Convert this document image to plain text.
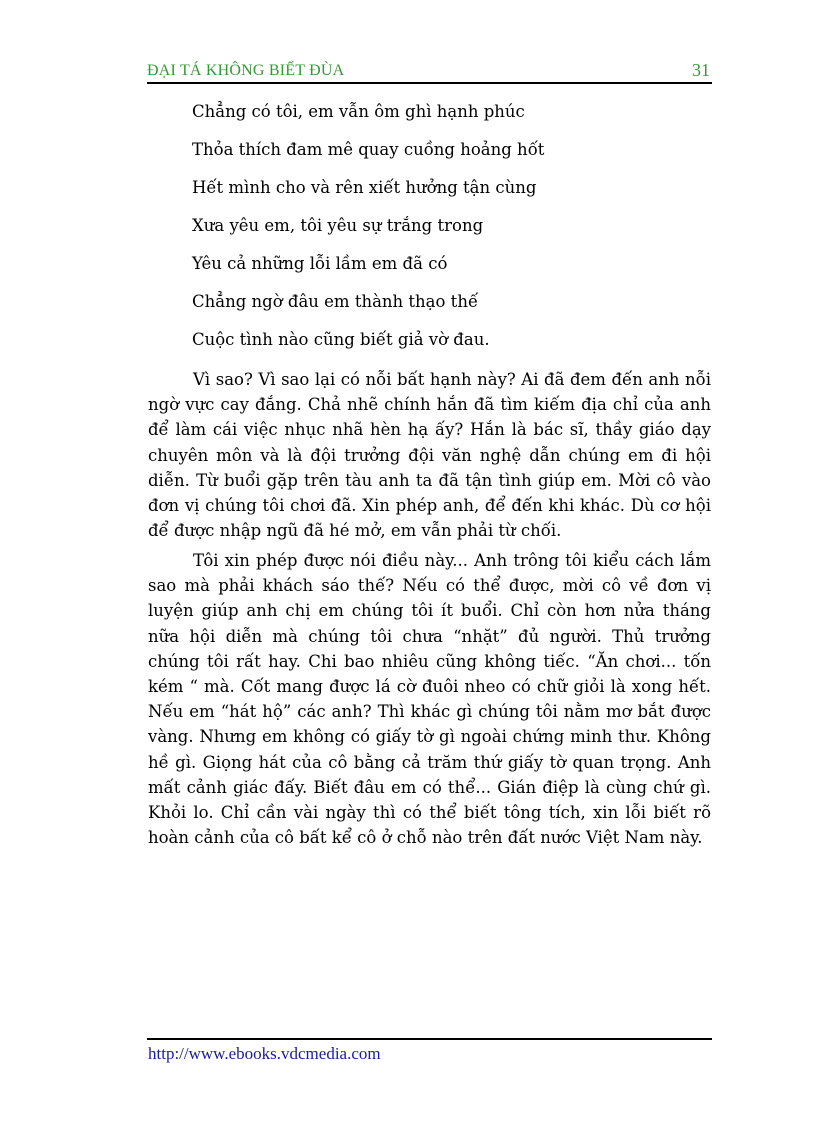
ĐẠI TÁ KHÔNG BIẾT ĐÙA	31
Chẳng có tôi, em vẫn ôm ghì hạnh phúc
Thỏa thích đam mê quay cuồng hoảng hốt
Hết mình cho và rên xiết hưởng tận cùng
Xưa yêu em, tôi yêu sự trắng trong
Yêu cả những lỗi lầm em đã có
Chẳng ngờ đâu em thành thạo thế
Cuộc tình nào cũng biết giả vờ đau.

Vì sao? Vì sao lại có nỗi bất hạnh này? Ai đã đem đến anh nỗi ngờ vực cay đắng. Chả nhẽ chính hắn đã tìm kiếm địa chỉ của anh để làm cái việc nhục nhã hèn hạ ấy? Hắn là bác sĩ, thầy giáo dạy chuyên môn và là đội trưởng đội văn nghệ dẫn chúng em đi hội diễn. Từ buổi gặp trên tàu anh ta đã tận tình giúp em. Mời cô vào đơn vị chúng tôi chơi đã. Xin phép anh, để đến khi khác. Dù cơ hội để được nhập ngũ đã hé mở, em vẫn phải từ chối.

Tôi xin phép được nói điều này... Anh trông tôi kiểu cách lắm sao mà phải khách sáo thế? Nếu có thể được, mời cô về đơn vị luyện giúp anh chị em chúng tôi ít buổi. Chỉ còn hơn nửa tháng nữa hội diễn mà chúng tôi chưa “nhặt” đủ người. Thủ trưởng chúng tôi rất hay. Chi bao nhiêu cũng không tiếc. “Ăn chơi... tốn kém “ mà. Cốt mang được lá cờ đuôi nheo có chữ giỏi là xong hết. Nếu em “hát hộ” các anh? Thì khác gì chúng tôi nằm mơ bắt được vàng. Nhưng em không có giấy tờ gì ngoài chứng minh thư. Không hề gì. Giọng hát của cô bằng cả trăm thứ giấy tờ quan trọng. Anh mất cảnh giác đấy. Biết đâu em có thể... Gián điệp là cùng chứ gì. Khỏi lo. Chỉ cần vài ngày thì có thể biết tông tích, xin lỗi biết rõ hoàn cảnh của cô bất kể cô ở chỗ nào trên đất nước Việt Nam này.

http://www.ebooks.vdcmedia.com
